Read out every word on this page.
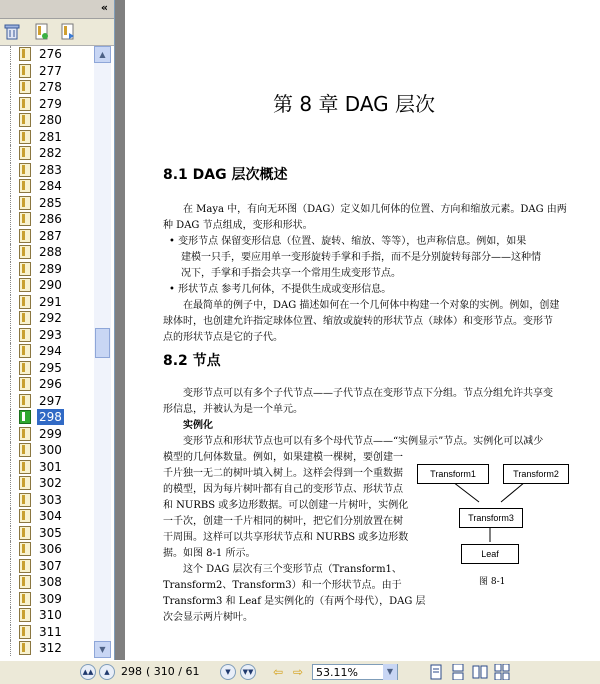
«
276
277
278
279
280
281
282
283
284
285
286
287
288
289
290
291
292
293
294
295
296
297
298
299
300
301
302
303
304
305
306
307
308
309
310
311
312
▲
▼
第 8 章 DAG 层次
8.1 DAG 层次概述
在 Maya 中，有向无环图（DAG）定义如几何体的位置、方向和缩放元素。DAG 由两
种 DAG 节点组成，变形和形状。
• 变形节点 保留变形信息（位置、旋转、缩放、等等），也声称信息。例如，如果
建模一只手，要应用单一变形旋转手掌和手指，而不是分别旋转每部分——这种情
况下，手掌和手指会共享一个常用生成变形节点。
• 形状节点 参考几何体，不提供生成或变形信息。
在最简单的例子中，DAG 描述如何在一个几何体中构建一个对象的实例。例如，创建
球体时，也创建允许指定球体位置、缩放或旋转的形状节点（球体）和变形节点。变形节
点的形状节点是它的子代。
8.2 节点
变形节点可以有多个子代节点——子代节点在变形节点下分组。节点分组允许共享变
形信息，并被认为是一个单元。
实例化
变形节点和形状节点也可以有多个母代节点——“实例显示”节点。实例化可以减少
模型的几何体数量。例如，如果建模一棵树，要创建一
千片独一无二的树叶填入树上。这样会得到一个重数据
的模型，因为每片树叶都有自己的变形节点、形状节点
和 NURBS 或多边形数据。可以创建一片树叶，实例化
一千次，创建一千片相同的树叶，把它们分别放置在树
干周围。这样可以共享形状节点和 NURBS 或多边形数
据。如图 8-1 所示。
这个 DAG 层次有三个变形节点（Transform1、
Transform2、Transform3）和一个形状节点。由于
Transform3 和 Leaf 是实例化的（有两个母代），DAG 层
次会显示两片树叶。
Transform1	Transform2
Transform3
Leaf
图 8-1
▲▲	▲	298 ( 310 / 61	▼	▼▼ ⇦ ⇨	53.11%	▼
